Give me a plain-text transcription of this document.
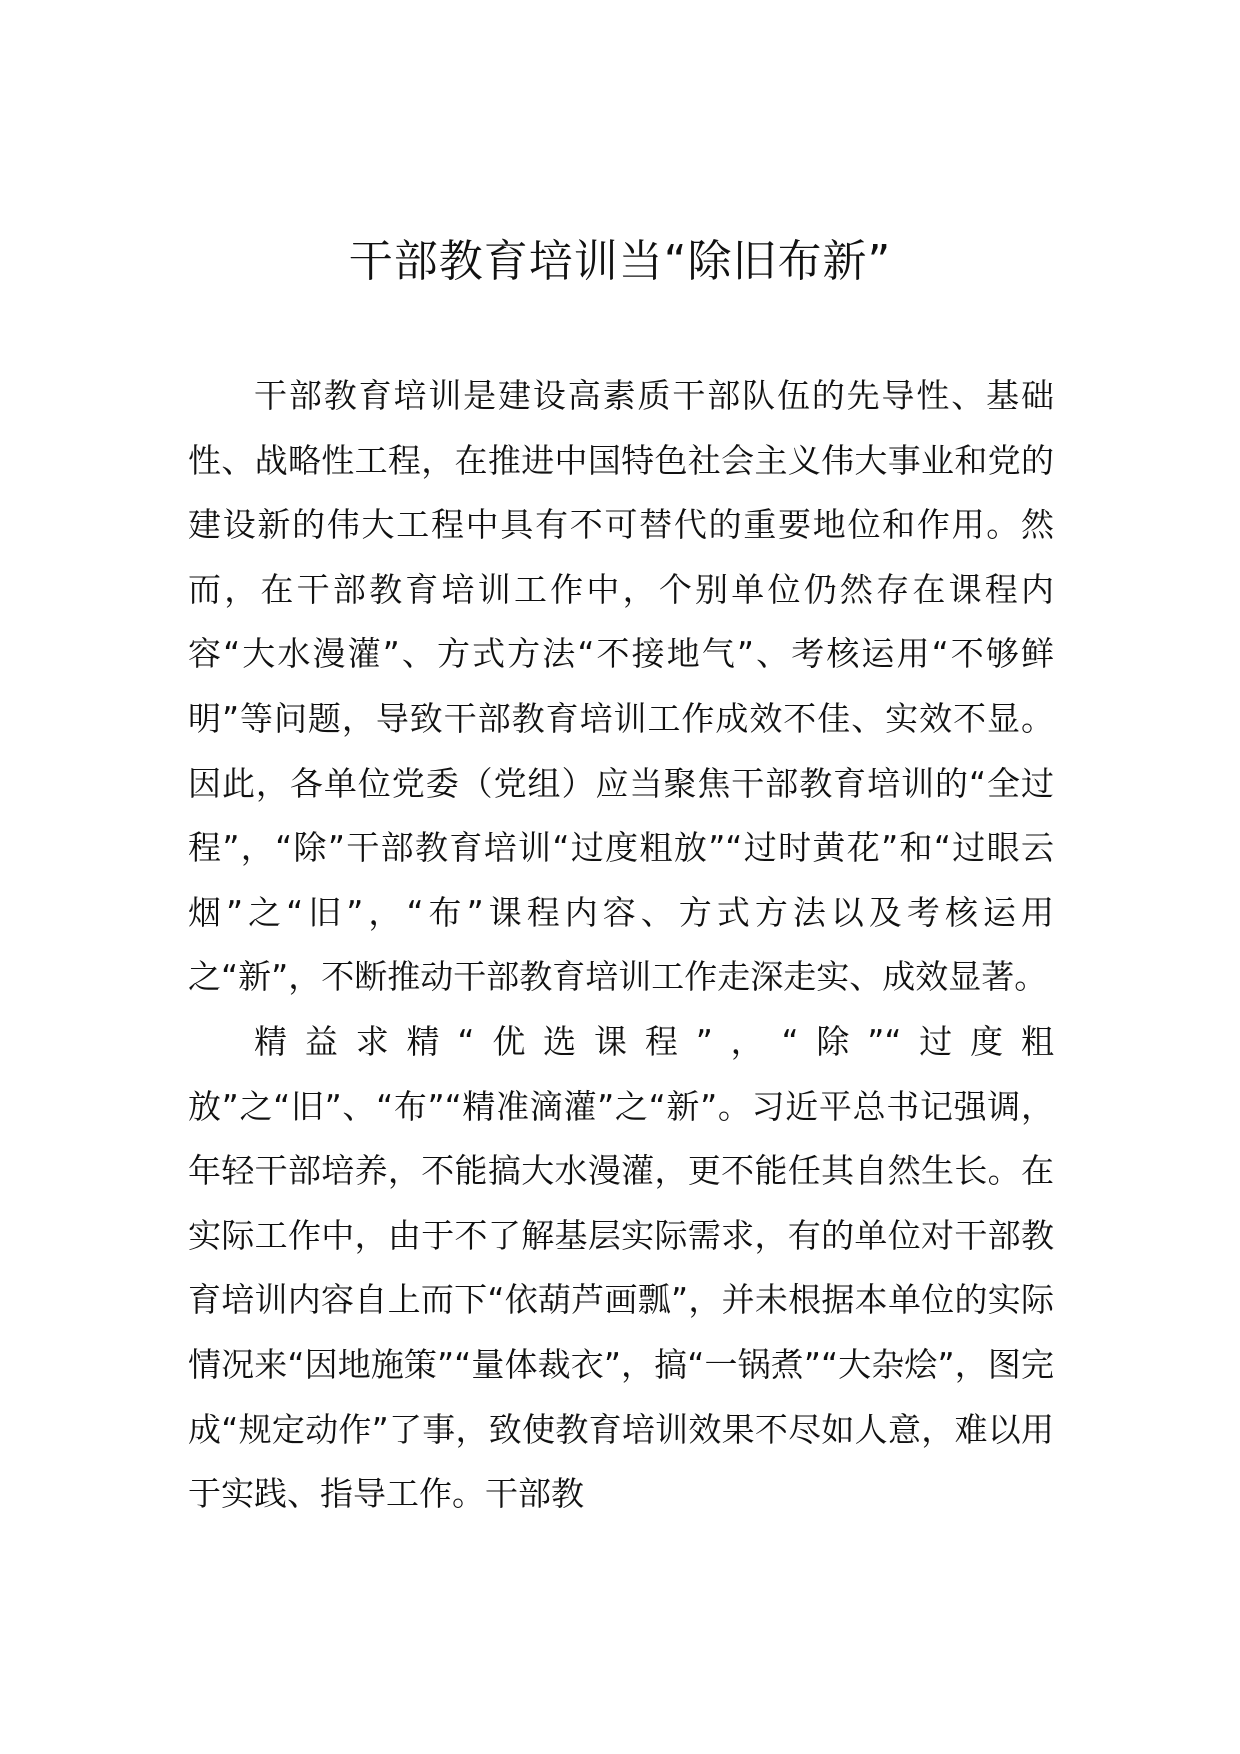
干部教育培训当“除旧布新”

干部教育培训是建设高素质干部队伍的先导性、基础性、战略性工程，在推进中国特色社会主义伟大事业和党的建设新的伟大工程中具有不可替代的重要地位和作用。然而，在干部教育培训工作中，个别单位仍然存在课程内容“大水漫灌”、方式方法“不接地气”、考核运用“不够鲜明”等问题，导致干部教育培训工作成效不佳、实效不显。因此，各单位党委（党组）应当聚焦干部教育培训的“全过程”，“除”干部教育培训“过度粗放”“过时黄花”和“过眼云烟”之“旧”，“布”课程内容、方式方法以及考核运用之“新”，不断推动干部教育培训工作走深走实、成效显著。

精益求精“优选课程”，“除”“过度粗放”之“旧”、“布”“精准滴灌”之“新”。习近平总书记强调，年轻干部培养，不能搞大水漫灌，更不能任其自然生长。在实际工作中，由于不了解基层实际需求，有的单位对干部教育培训内容自上而下“依葫芦画瓢”，并未根据本单位的实际情况来“因地施策”“量体裁衣”，搞“一锅煮”“大杂烩”，图完成“规定动作”了事，致使教育培训效果不尽如人意，难以用于实践、指导工作。干部教
